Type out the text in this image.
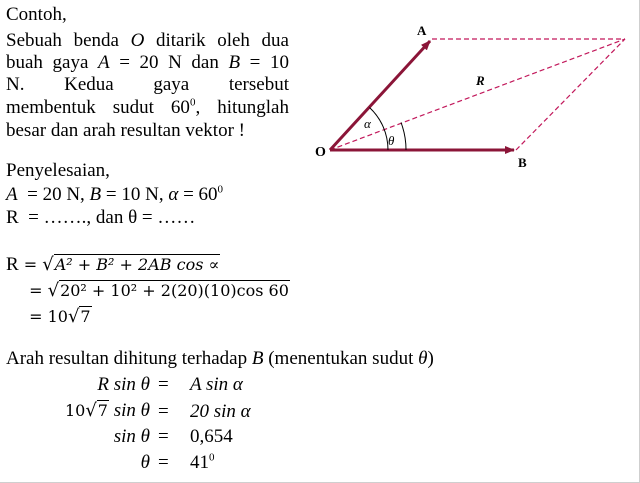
Contoh,
Sebuah benda O ditarik oleh dua
buah gaya A = 20 N dan B = 10
N.  Kedua  gaya  tersebut
membentuk sudut $60^0$, hitunglah
besar dan arah resultan vektor !
A
B
O
R
α
θ
Penyelesaian,
A  = 20 N, B = 10 N, $\alpha = 60^0$
R  = ……., dan θ = ……
R = √A² + B² + 2AB cos ∝
= √20² + 10² + 2(20)(10)cos 60
= 10√7
Arah resultan dihitung terhadap B (menentukan sudut θ)
R sin θ = A sin α
10√7 sin θ = 20 sin α
sin θ = 0,654
$\theta = 41^0$
